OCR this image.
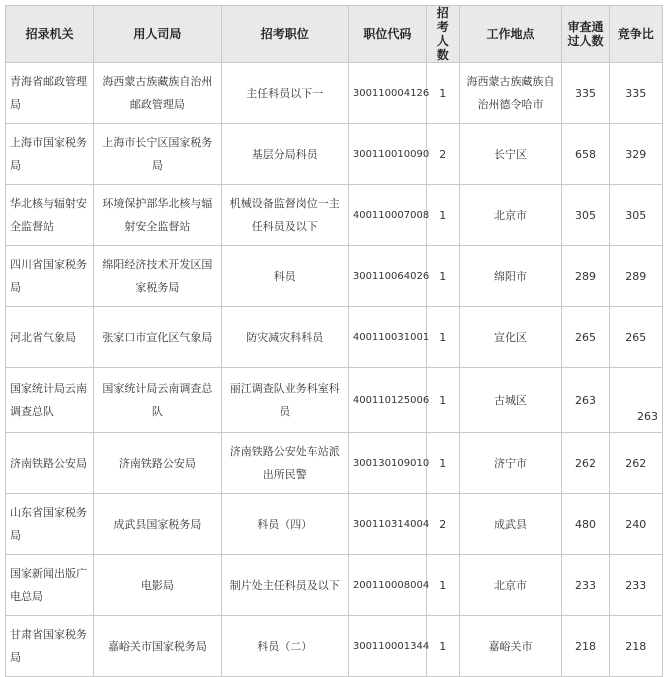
招录机关	用人司局	招考职位	职位代码	招考人数	工作地点	审查通过人数	竞争比
青海省邮政管理局	海西蒙古族藏族自治州邮政管理局	主任科员以下一	300110004126	1	海西蒙古族藏族自治州德令哈市	335	335
上海市国家税务局	上海市长宁区国家税务局	基层分局科员	300110010090	2	长宁区	658	329
华北核与辐射安全监督站	环境保护部华北核与辐射安全监督站	机械设备监督岗位一主任科员及以下	400110007008	1	北京市	305	305
四川省国家税务局	绵阳经济技术开发区国家税务局	科员	300110064026	1	绵阳市	289	289
河北省气象局	张家口市宣化区气象局	防灾减灾科科员	400110031001	1	宣化区	265	265
国家统计局云南调查总队	国家统计局云南调查总队	丽江调查队业务科室科员	400110125006	1	古城区	263	263
济南铁路公安局	济南铁路公安局	济南铁路公安处车站派出所民警	300130109010	1	济宁市	262	262
山东省国家税务局	成武县国家税务局	科员（四）	300110314004	2	成武县	480	240
国家新闻出版广电总局	电影局	制片处主任科员及以下	200110008004	1	北京市	233	233
甘肃省国家税务局	嘉峪关市国家税务局	科员（二）	300110001344	1	嘉峪关市	218	218
